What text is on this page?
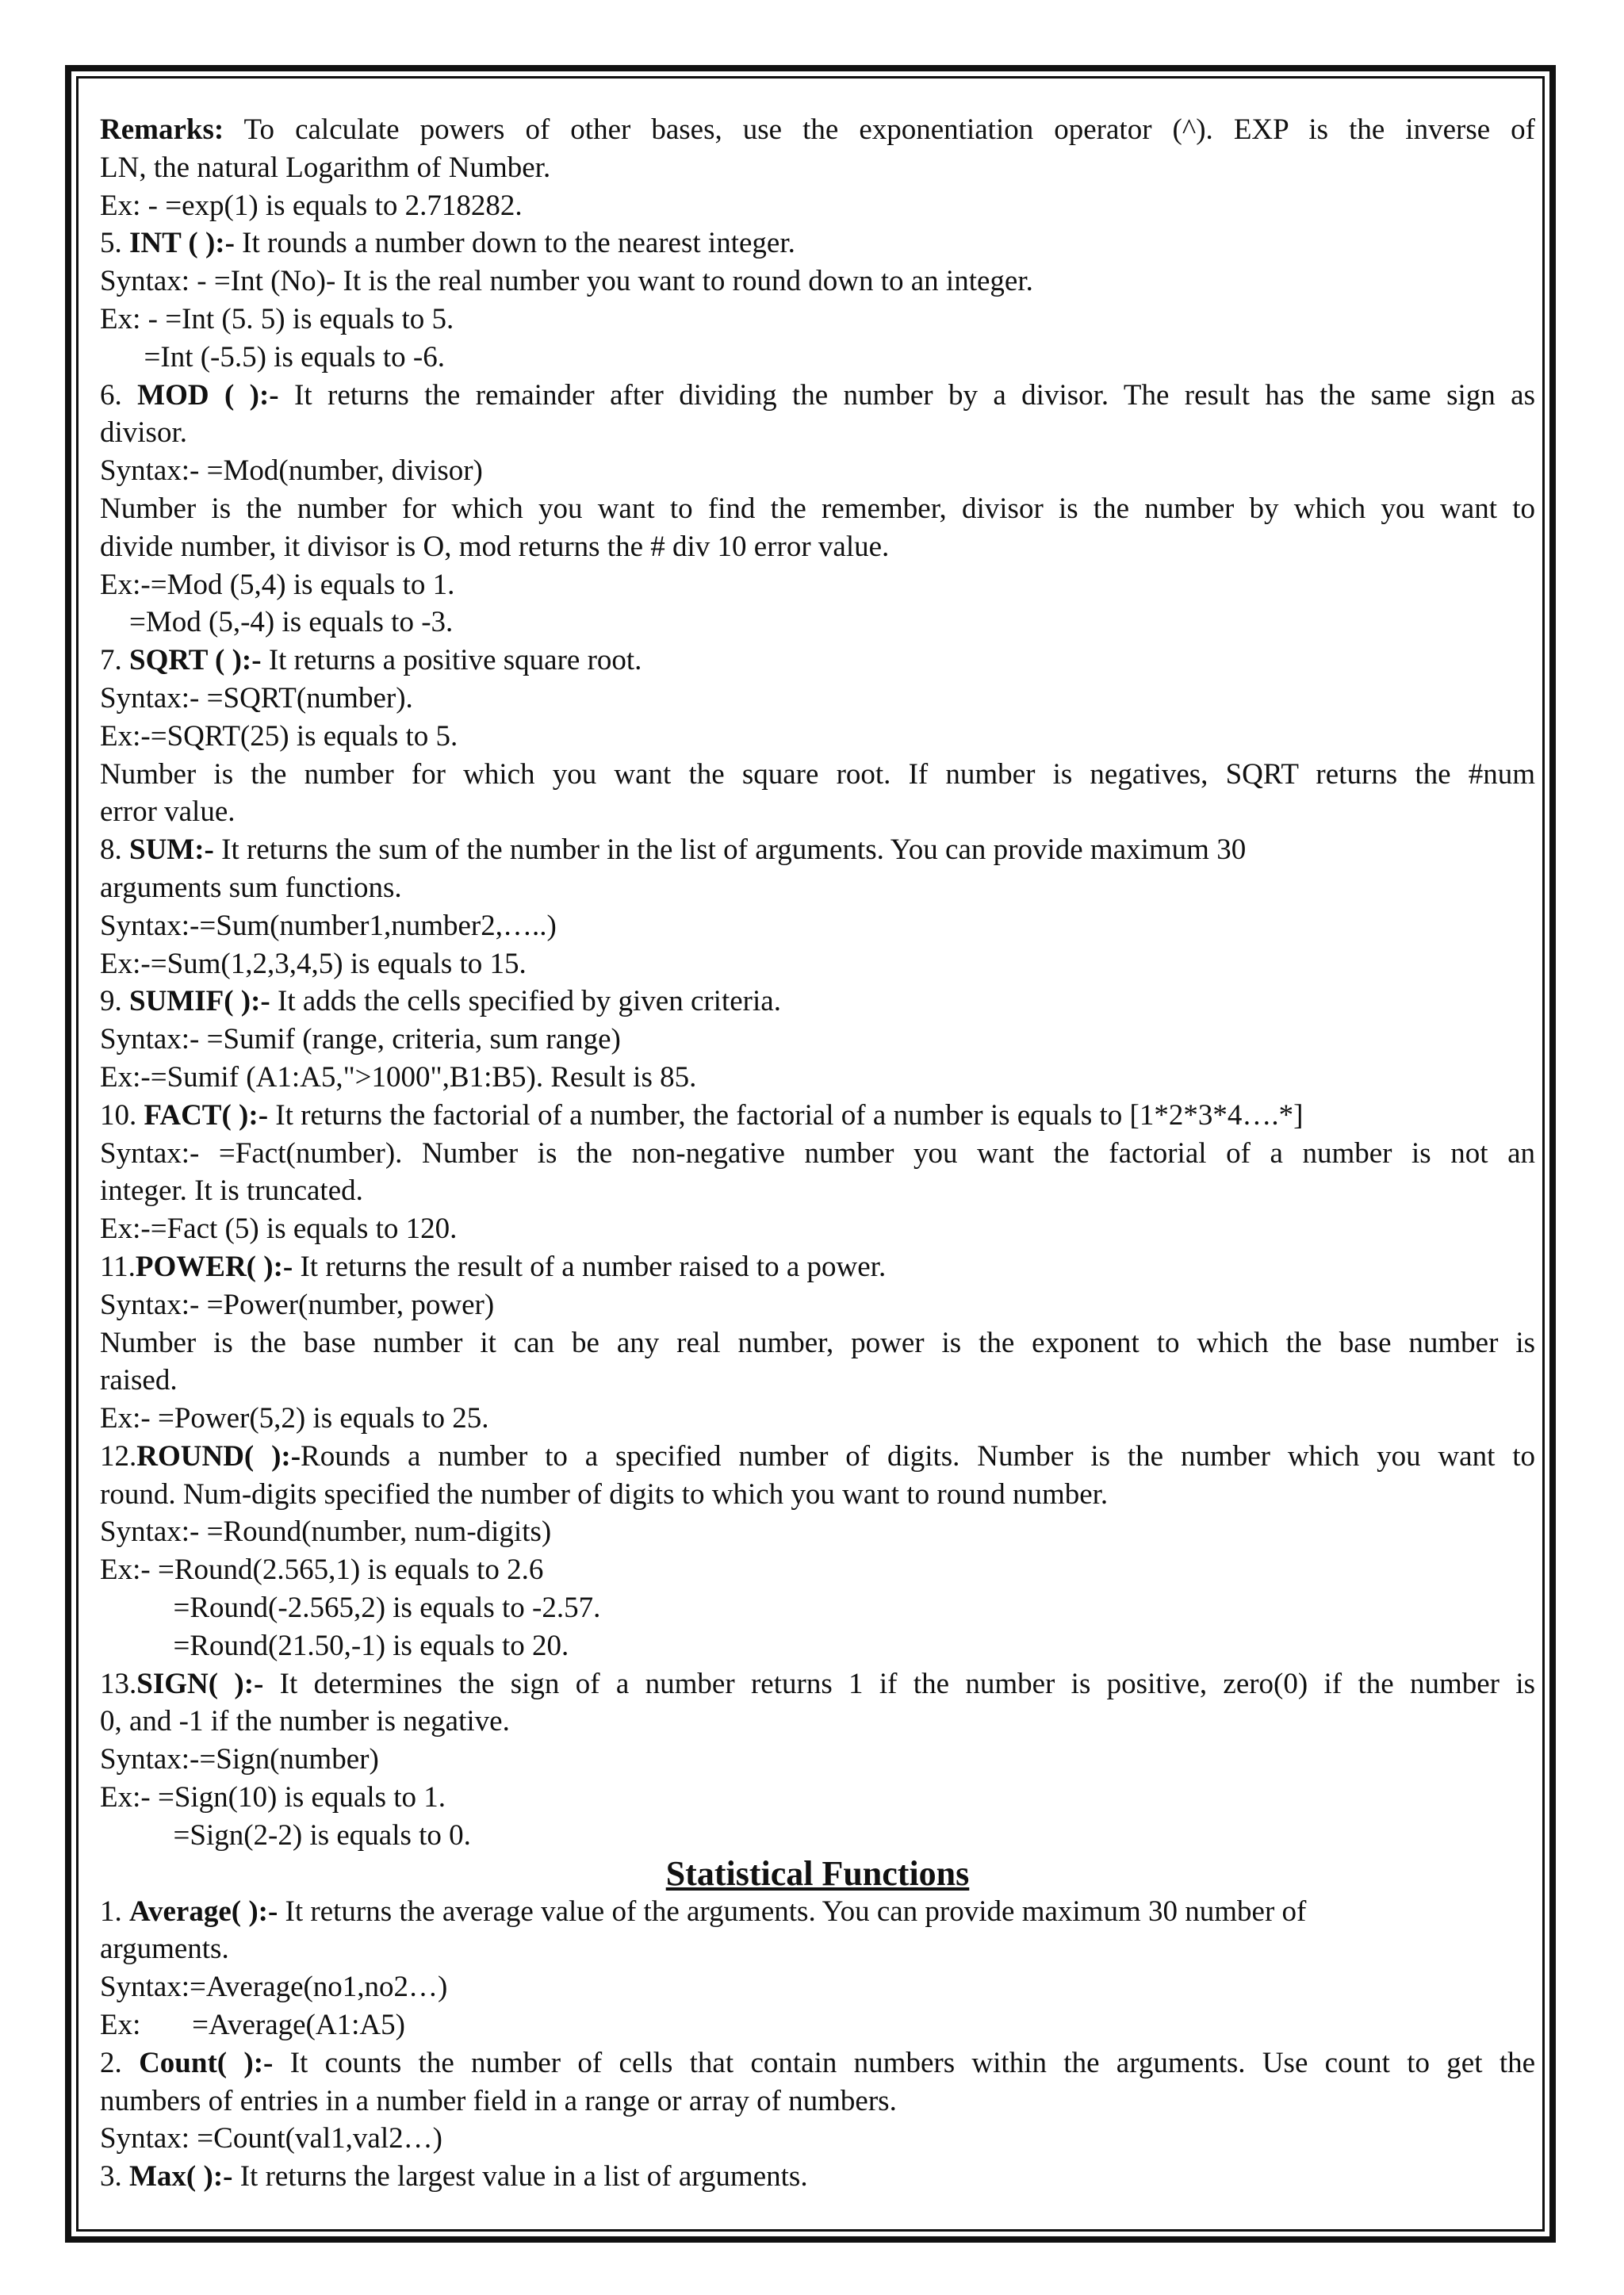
Remarks: To calculate powers of other bases, use the exponentiation operator (^). EXP is the inverse of
LN, the natural Logarithm of Number.
Ex: - =exp(1) is equals to 2.718282.
5. INT ( ):- It rounds a number down to the nearest integer.
Syntax: - =Int (No)- It is the real number you want to round down to an integer.
Ex: - =Int (5. 5) is equals to 5.
=Int (-5.5) is equals to -6.
6. MOD ( ):- It returns the remainder after dividing the number by a divisor. The result has the same sign as
divisor.
Syntax:- =Mod(number, divisor)
Number is the number for which you want to find the remember, divisor is the number by which you want to
divide number, it divisor is O, mod returns the # div 10 error value.
Ex:-=Mod (5,4) is equals to 1.
=Mod (5,-4) is equals to -3.
7. SQRT ( ):- It returns a positive square root.
Syntax:- =SQRT(number).
Ex:-=SQRT(25) is equals to 5.
Number is the number for which you want the square root. If number is negatives, SQRT returns the #num
error value.
8. SUM:- It returns the sum of the number in the list of arguments. You can provide maximum 30
arguments sum functions.
Syntax:-=Sum(number1,number2,…..)
Ex:-=Sum(1,2,3,4,5) is equals to 15.
9. SUMIF( ):- It adds the cells specified by given criteria.
Syntax:- =Sumif (range, criteria, sum range)
Ex:-=Sumif (A1:A5,">1000",B1:B5). Result is 85.
10. FACT( ):- It returns the factorial of a number, the factorial of a number is equals to [1*2*3*4….*]
Syntax:- =Fact(number). Number is the non-negative number you want the factorial of a number is not an
integer. It is truncated.
Ex:-=Fact (5) is equals to 120.
11.POWER( ):- It returns the result of a number raised to a power.
Syntax:- =Power(number, power)
Number is the base number it can be any real number, power is the exponent to which the base number is
raised.
Ex:- =Power(5,2) is equals to 25.
12.ROUND( ):-Rounds a number to a specified number of digits. Number is the number which you want to
round. Num-digits specified the number of digits to which you want to round number.
Syntax:- =Round(number, num-digits)
Ex:- =Round(2.565,1) is equals to 2.6
=Round(-2.565,2) is equals to -2.57.
=Round(21.50,-1) is equals to 20.
13.SIGN( ):- It determines the sign of a number returns 1 if the number is positive, zero(0) if the number is
0, and -1 if the number is negative.
Syntax:-=Sign(number)
Ex:- =Sign(10) is equals to 1.
=Sign(2-2) is equals to 0.
Statistical Functions
1. Average( ):- It returns the average value of the arguments. You can provide maximum 30 number of
arguments.
Syntax:=Average(no1,no2…)
Ex:       =Average(A1:A5)
2. Count( ):- It counts the number of cells that contain numbers within the arguments. Use count to get the
numbers of entries in a number field in a range or array of numbers.
Syntax: =Count(val1,val2…)
3. Max( ):- It returns the largest value in a list of arguments.
